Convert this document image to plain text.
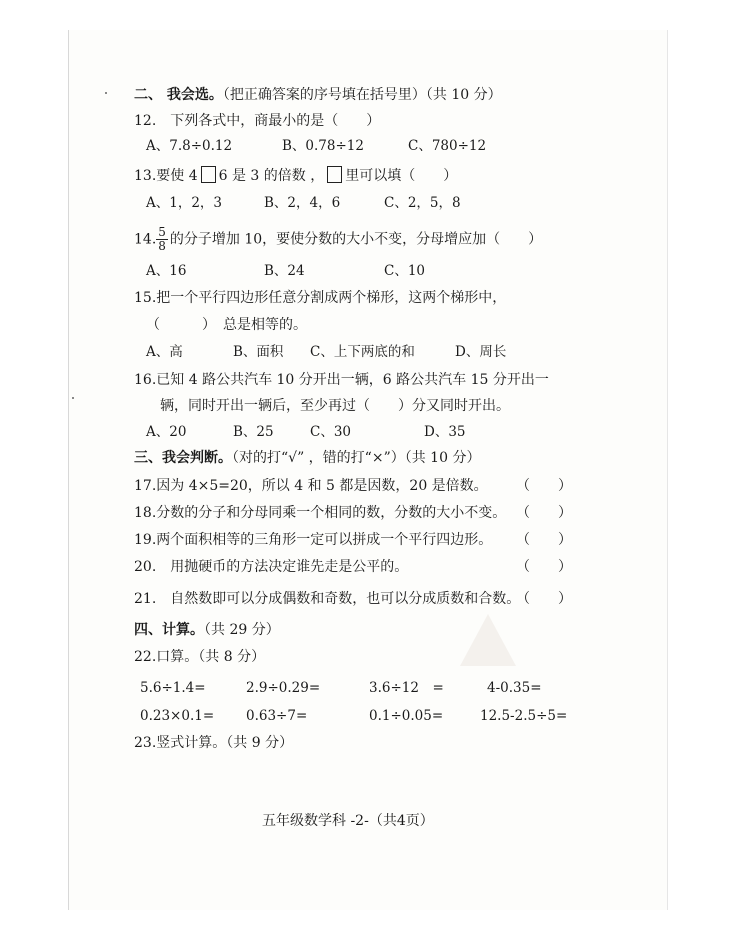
二、 我会选。（把正确答案的序号填在括号里）（共 10 分）
12.　下列各式中，商最小的是（　　）
A、7.8÷0.12	B、0.78÷12	C、780÷12
13.要使 4 6 是 3 的倍数 ， 里可以填（　　）
A、1，2，3	B、2，4，6	C、2，5，8
14. $\frac{5}{8}$ 的分子增加 10，要使分数的大小不变，分母增应加（　　）
A、16	B、24	C、10
15.把一个平行四边形任意分割成两个梯形，这两个梯形中，
（　　　）　总是相等的。
A、高	B、面积 C、上下两底的和	D、周长
16.已知 4 路公共汽车 10 分开出一辆，6 路公共汽车 15 分开出一
辆，同时开出一辆后，至少再过（　　）分又同时开出。
A、20	B、25	C、30	D、35
三、我会判断。（对的打“√” ，错的打“×”）（共 10 分）
17.因为 4×5=20，所以 4 和 5 都是因数，20 是倍数。 （　　）
18.分数的分子和分母同乘一个相同的数，分数的大小不变。 （　　）
19.两个面积相等的三角形一定可以拼成一个平行四边形。 （　　）
20.　用抛硬币的方法决定谁先走是公平的。	（　　）
21.　自然数即可以分成偶数和奇数，也可以分成质数和合数。
（　　）
四、计算。（共 29 分）
22.口算。（共 8 分）
5.6÷1.4=	2.9÷0.29=	3.6÷12　=	4-0.35=
0.23×0.1= 0.63÷7=	0.1÷0.05=	12.5-2.5÷5=
23.竖式计算。（共 9 分）
五年级数学科 -2-（共4页）
